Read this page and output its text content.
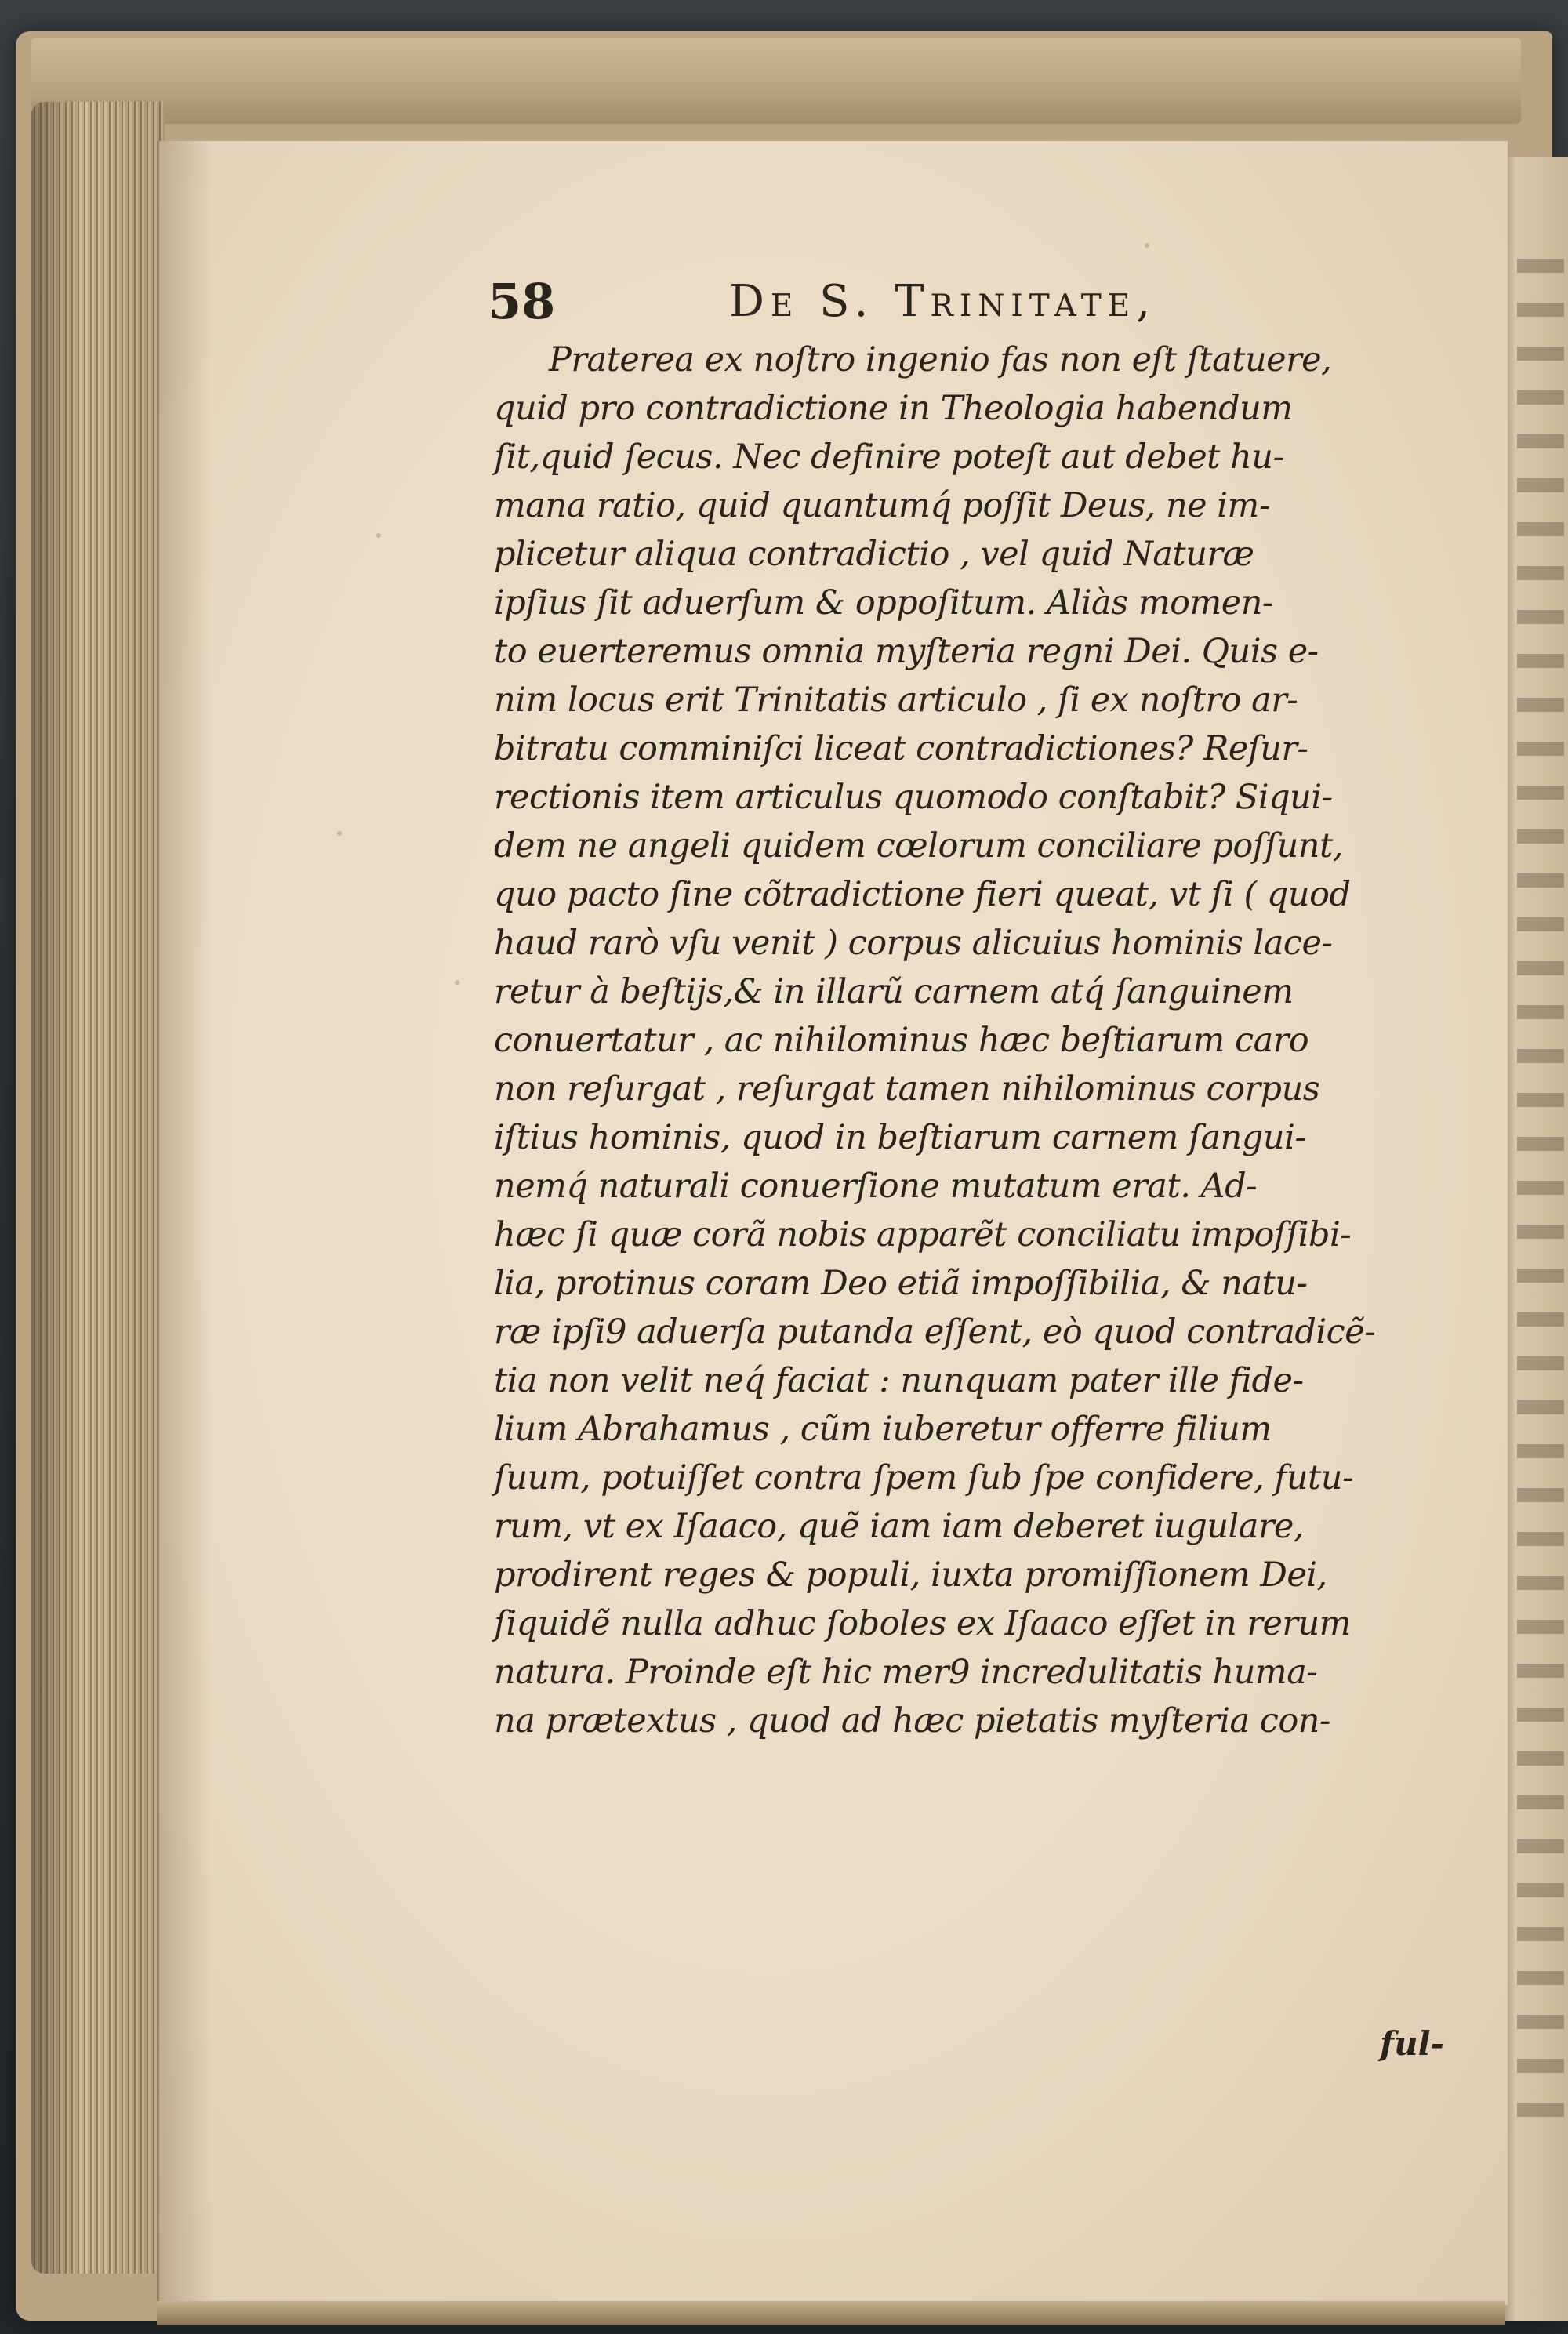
58	De S. Trinitate,
Praterea ex noſtro ingenio fas non eſt ſtatuere,
quid pro contradictione in Theologia habendum
ſit,quid ſecus. Nec definire poteſt aut debet hu-
mana ratio, quid quantumq́ poſſit Deus, ne im-
plicetur aliqua contradictio , vel quid Naturæ
ipſius ſit aduerſum & oppoſitum. Aliàs momen-
to euerteremus omnia myſteria regni Dei. Quis e-
nim locus erit Trinitatis articulo , ſi ex noſtro ar-
bitratu comminiſci liceat contradictiones? Reſur-
rectionis item articulus quomodo conſtabit? Siqui-
dem ne angeli quidem cœlorum conciliare poſſunt,
quo pacto ſine cõtradictione fieri queat, vt ſi ( quod
haud rarò vſu venit ) corpus alicuius hominis lace-
retur à beſtijs,& in illarũ carnem atq́ ſanguinem
conuertatur , ac nihilominus hæc beſtiarum caro
non reſurgat , reſurgat tamen nihilominus corpus
iſtius hominis, quod in beſtiarum carnem ſangui-
nemq́ naturali conuerſione mutatum erat. Ad-
hæc ſi quæ corã nobis apparẽt conciliatu impoſſibi-
lia, protinus coram Deo etiã impoſſibilia, & natu-
ræ ipſi9 aduerſa putanda eſſent, eò quod contradicẽ-
tia non velit neq́ faciat : nunquam pater ille fide-
lium Abrahamus , cũm iuberetur offerre filium
ſuum, potuiſſet contra ſpem ſub ſpe confidere, futu-
rum, vt ex Iſaaco, quẽ iam iam deberet iugulare,
prodirent reges & populi, iuxta promiſſionem Dei,
ſiquidẽ nulla adhuc ſoboles ex Iſaaco eſſet in rerum
natura. Proinde eſt hic mer9 incredulitatis huma-
na prætextus , quod ad hæc pietatis myſteria con-
ful-
